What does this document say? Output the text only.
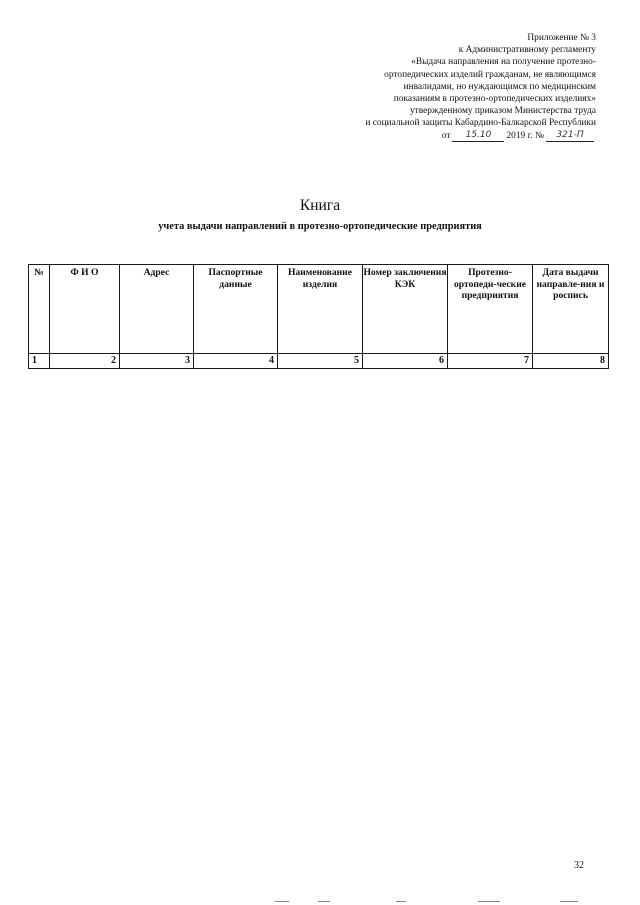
Приложение № 3
к Административному регламенту
«Выдача направления на получение протезно-
ортопедических изделий гражданам, не являющимся
инвалидами, но нуждающимся по медицинским
показаниям в протезно-ортопедических изделиях»
утвержденному приказом Министерства труда
и социальной защиты Кабардино-Балкарской Республики
от	15.10	2019 г. №	321-П
Книга
учета выдачи направлений в протезно-ортопедические предприятия
№	Ф И О	Адрес	Паспортные данные	Наименование изделия	Номер заключения КЭК	Протезно-ортопеди-ческие предприятия	Дата выдачи направле-ния и роспись
1	2	3	4	5	6	7	8
32
